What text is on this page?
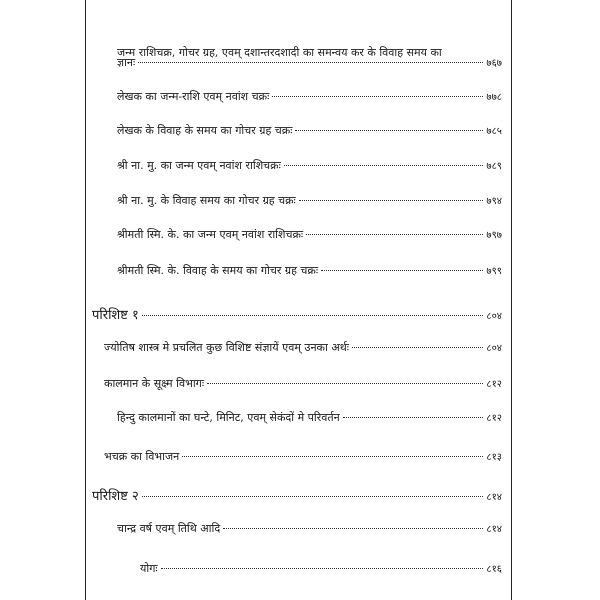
जन्म राशिचक्र, गोचर ग्रह, एवम् दशान्तरदशादी का समन्वय कर के विवाह समय का
ज्ञानः	७६७
लेखक का जन्म-राशि एवम् नवांश चक्रः	७७८
लेखक के विवाह के समय का गोचर ग्रह चक्रः	७८५
श्री ना. मु. का जन्म एवम् नवांश राशिचक्रः	७८९
श्री ना. मु. के विवाह समय का गोचर ग्रह चक्रः	७९४
श्रीमती स्मि. के. का जन्म एवम् नवांश राशिचक्रः	७९७
श्रीमती स्मि. के. विवाह के समय का गोचर ग्रह चक्रः	७९९
परिशिष्ट १	८०४
ज्योतिष शास्त्र मे प्रचलित कुछ विशिष्ट संज्ञायें एवम् उनका अर्थः	८०४
कालमान के सूक्ष्म विभागः	८१२
हिन्दु कालमानों का घन्टे, मिनिट, एवम् सेकंदों मे परिवर्तन	८१२
भचक्र का विभाजन	८१३
परिशिष्ट २	८१४
चान्द्र वर्ष एवम् तिथि आदि	८१४
योगः	८१६
